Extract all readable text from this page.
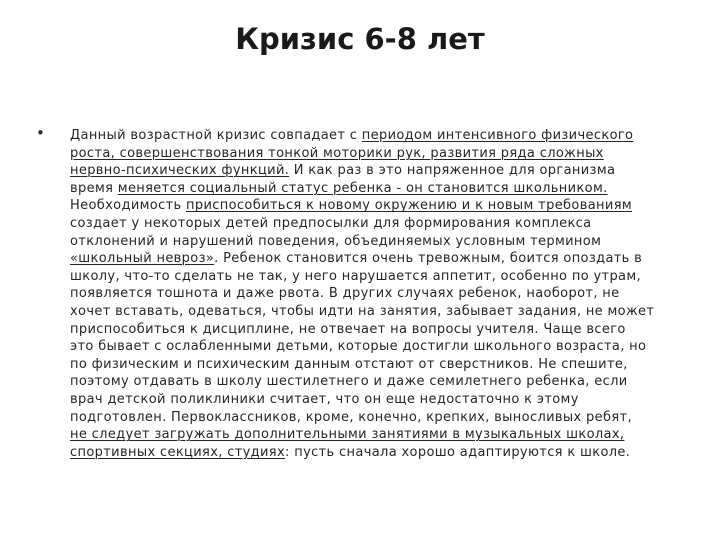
Кризис 6-8 лет
• Данный возрастной кризис совпадает с периодом интенсивного физического
роста, совершенствования тонкой моторики рук, развития ряда сложных
нервно-психических функций. И как раз в это напряженное для организма
время меняется социальный статус ребенка - он становится школьником.
Необходимость приспособиться к новому окружению и к новым требованиям
создает у некоторых детей предпосылки для формирования комплекса
отклонений и нарушений поведения, объединяемых условным термином
«школьный невроз». Ребенок становится очень тревожным, боится опоздать в
школу, что-то сделать не так, у него нарушается аппетит, особенно по утрам,
появляется тошнота и даже рвота. В других случаях ребенок, наоборот, не
хочет вставать, одеваться, чтобы идти на занятия, забывает задания, не может
приспособиться к дисциплине, не отвечает на вопросы учителя. Чаще всего
это бывает с ослабленными детьми, которые достигли школьного возраста, но
по физическим и психическим данным отстают от сверстников. Не спешите,
поэтому отдавать в школу шестилетнего и даже семилетнего ребенка, если
врач детской поликлиники считает, что он еще недостаточно к этому
подготовлен. Первоклассников, кроме, конечно, крепких, выносливых ребят,
не следует загружать дополнительными занятиями в музыкальных школах,
спортивных секциях, студиях: пусть сначала хорошо адаптируются к школе.
